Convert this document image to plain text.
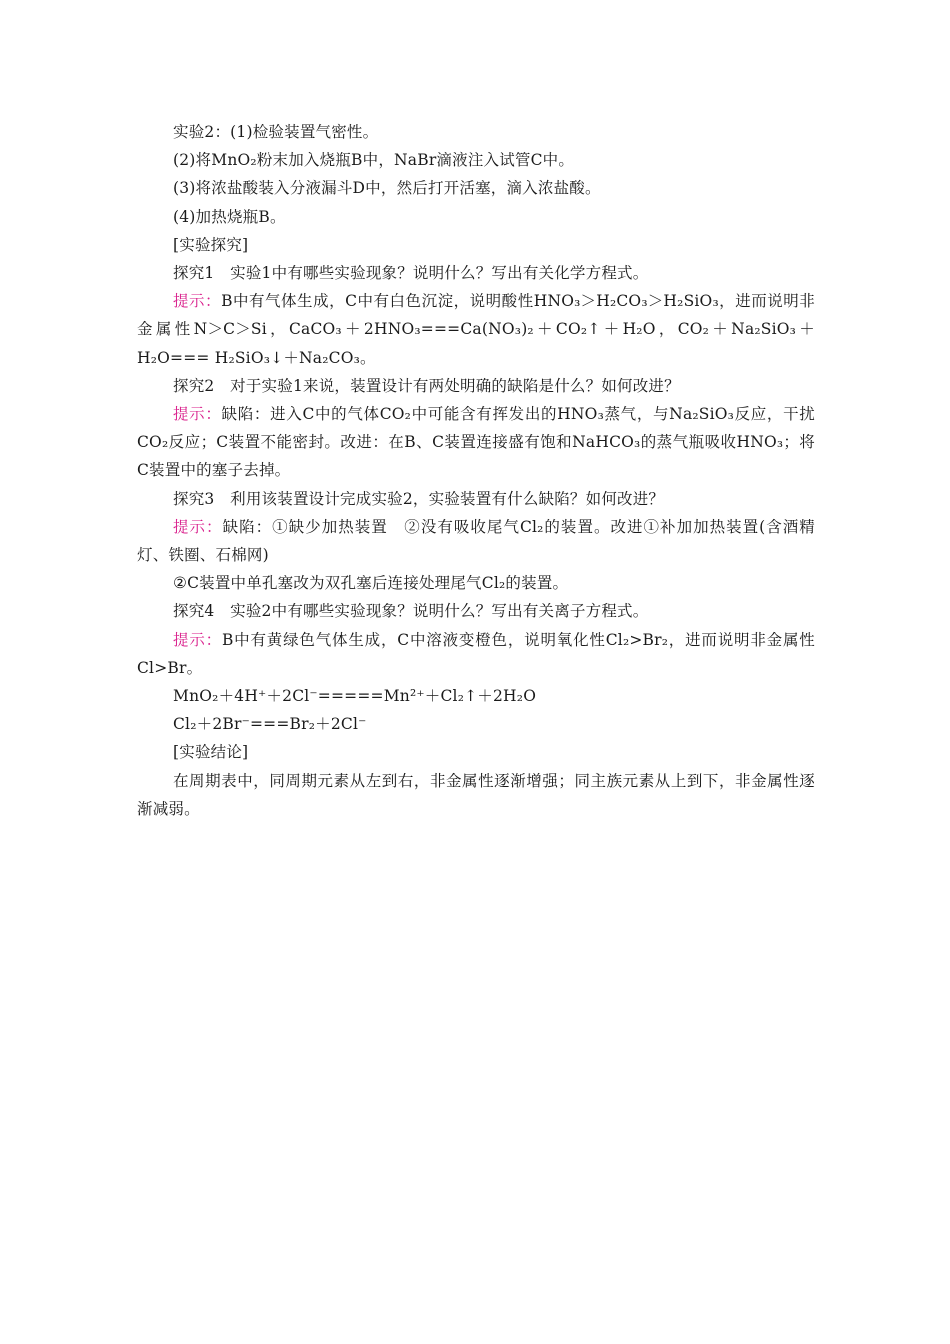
实验2：(1)检验装置气密性。

(2)将MnO₂粉末加入烧瓶B中，NaBr滴液注入试管C中。

(3)将浓盐酸装入分液漏斗D中，然后打开活塞，滴入浓盐酸。

(4)加热烧瓶B。

[实验探究]

探究1　实验1中有哪些实验现象？说明什么？写出有关化学方程式。

提示：B中有气体生成，C中有白色沉淀，说明酸性HNO₃＞H₂CO₃＞H₂SiO₃，进而说明非金属性N＞C＞Si，CaCO₃＋2HNO₃===Ca(NO₃)₂＋CO₂↑＋H₂O，CO₂＋Na₂SiO₃＋H₂O=== H₂SiO₃↓＋Na₂CO₃。

探究2　对于实验1来说，装置设计有两处明确的缺陷是什么？如何改进？

提示：缺陷：进入C中的气体CO₂中可能含有挥发出的HNO₃蒸气，与Na₂SiO₃反应，干扰CO₂反应；C装置不能密封。改进：在B、C装置连接盛有饱和NaHCO₃的蒸气瓶吸收HNO₃；将C装置中的塞子去掉。

探究3　利用该装置设计完成实验2，实验装置有什么缺陷？如何改进？

提示：缺陷：①缺少加热装置　②没有吸收尾气Cl₂的装置。改进①补加加热装置(含酒精灯、铁圈、石棉网)

②C装置中单孔塞改为双孔塞后连接处理尾气Cl₂的装置。

探究4　实验2中有哪些实验现象？说明什么？写出有关离子方程式。

提示：B中有黄绿色气体生成，C中溶液变橙色，说明氧化性Cl₂>Br₂，进而说明非金属性Cl>Br。

MnO₂＋4H⁺＋2Cl⁻=====Mn²⁺＋Cl₂↑＋2H₂O

Cl₂＋2Br⁻===Br₂＋2Cl⁻

[实验结论]

在周期表中，同周期元素从左到右，非金属性逐渐增强；同主族元素从上到下，非金属性逐渐减弱。
